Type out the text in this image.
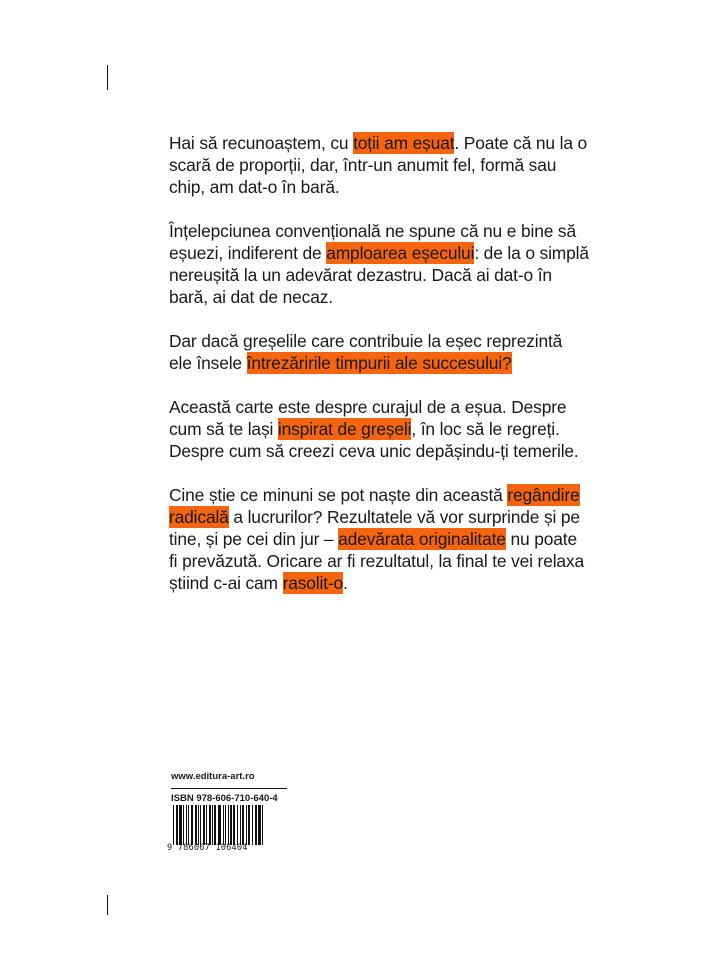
Hai să recunoaștem, cu toții am eșuat. Poate că nu la o scară de proporții, dar, într-un anumit fel, formă sau chip, am dat-o în bară.

Înțelepciunea convențională ne spune că nu e bine să eșuezi, indiferent de amploarea eșecului: de la o simplă nereușită la un adevărat dezastru. Dacă ai dat-o în bară, ai dat de necaz.

Dar dacă greșelile care contribuie la eșec reprezintă ele însele întrezăririle timpurii ale succesului?

Această carte este despre curajul de a eșua. Despre cum să te lași inspirat de greșeli, în loc să le regreți. Despre cum să creezi ceva unic depășindu-ți temerile.

Cine știe ce minuni se pot naște din această regândire radicală a lucrurilor? Rezultatele vă vor surprinde și pe tine, și pe cei din jur – adevărata originalitate nu poate fi prevăzută. Oricare ar fi rezultatul, la final te vei relaxa știind c-ai cam rasolit-o.

www.editura-art.ro
ISBN 978-606-710-640-4
9 786067 106404
